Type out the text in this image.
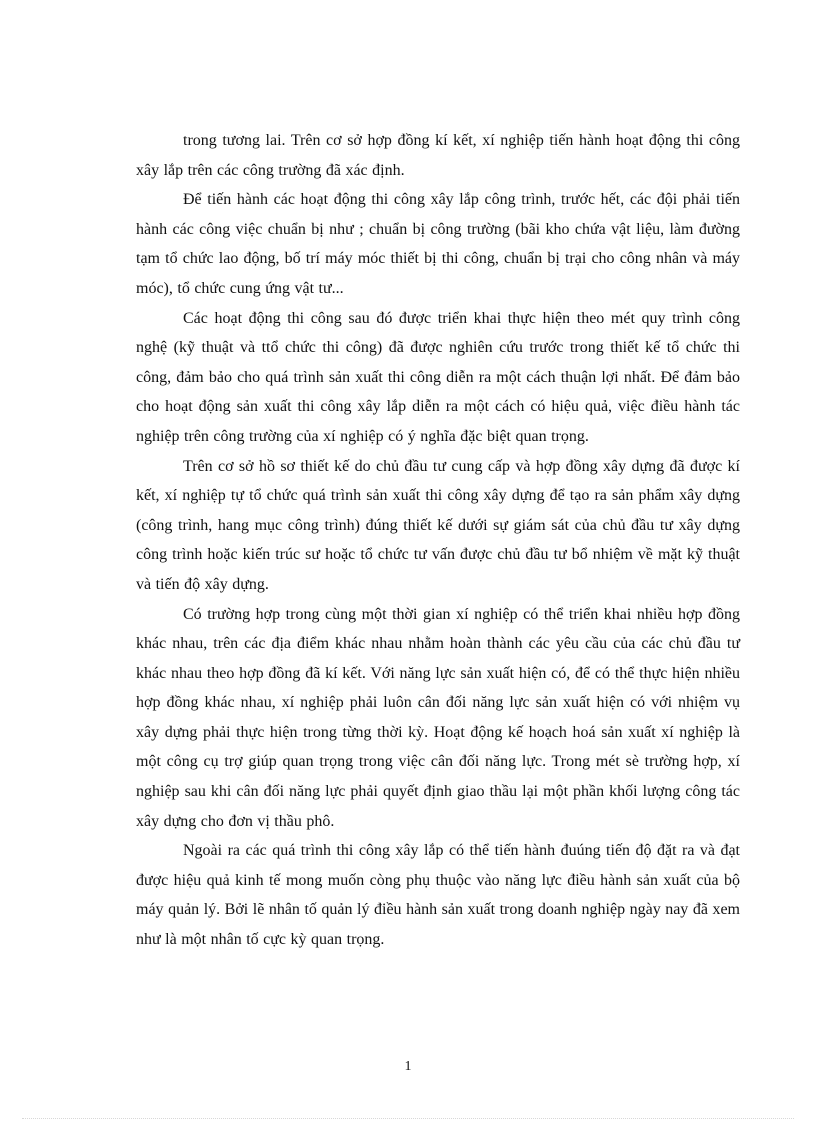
trong tương lai. Trên cơ sở hợp đồng kí kết, xí nghiệp tiến hành hoạt động thi công xây lắp trên các công trường đã xác định.

Để tiến hành các hoạt động thi công xây lắp công trình, trước hết, các đội phải tiến hành các công việc chuẩn bị như ; chuẩn bị công trường (bãi kho chứa vật liệu, làm đường tạm tổ chức lao động, bố trí máy móc thiết bị thi công, chuẩn bị trại cho công nhân và máy móc), tổ chức cung ứng vật tư...

Các hoạt động thi công sau đó được triển khai thực hiện theo mét quy trình công nghệ (kỹ thuật và ttổ chức thi công) đã được nghiên cứu trước trong thiết kế tổ chức thi công, đảm bảo cho quá trình sản xuất thi công diễn ra một cách thuận lợi nhất. Để đảm bảo cho hoạt động sản xuất thi công xây lắp diễn ra một cách có hiệu quả, việc điều hành tác nghiệp trên công trường của xí nghiệp có ý nghĩa đặc biệt quan trọng.

Trên cơ sở hồ sơ thiết kế do chủ đầu tư cung cấp và hợp đồng xây dựng đã được kí kết, xí nghiệp tự tổ chức quá trình sản xuất thi công xây dựng để tạo ra sản phẩm xây dựng (công trình, hang mục công trình) đúng thiết kế dưới sự giám sát của chủ đầu tư xây dựng công trình hoặc kiến trúc sư hoặc tổ chức tư vấn được chủ đầu tư bổ nhiệm về mặt kỹ thuật và tiến độ xây dựng.

Có trường hợp trong cùng một thời gian xí nghiệp có thể triển khai nhiều hợp đồng khác nhau, trên các địa điểm khác nhau nhằm hoàn thành các yêu cầu của các chủ đầu tư khác nhau theo hợp đồng đã kí kết. Với năng lực sản xuất hiện có, để có thể thực hiện nhiều hợp đồng khác nhau, xí nghiệp phải luôn cân đối năng lực sản xuất hiện có với nhiệm vụ xây dựng phải thực hiện trong từng thời kỳ. Hoạt động kế hoạch hoá sản xuất xí nghiệp là một công cụ trợ giúp quan trọng trong việc cân đối năng lực. Trong mét sè trường hợp, xí nghiệp sau khi cân đối năng lực phải quyết định giao thầu lại một phần khối lượng công tác xây dựng cho đơn vị thầu phô.

Ngoài ra các quá trình thi công xây lắp có thể tiến hành đuúng tiến độ đặt ra và đạt được hiệu quả kinh tế mong muốn còng phụ thuộc vào năng lực điều hành sản xuất của bộ máy quản lý. Bởi lẽ nhân tố quản lý điều hành sản xuất trong doanh nghiệp ngày nay đã xem như là một nhân tố cực kỳ quan trọng.

1
